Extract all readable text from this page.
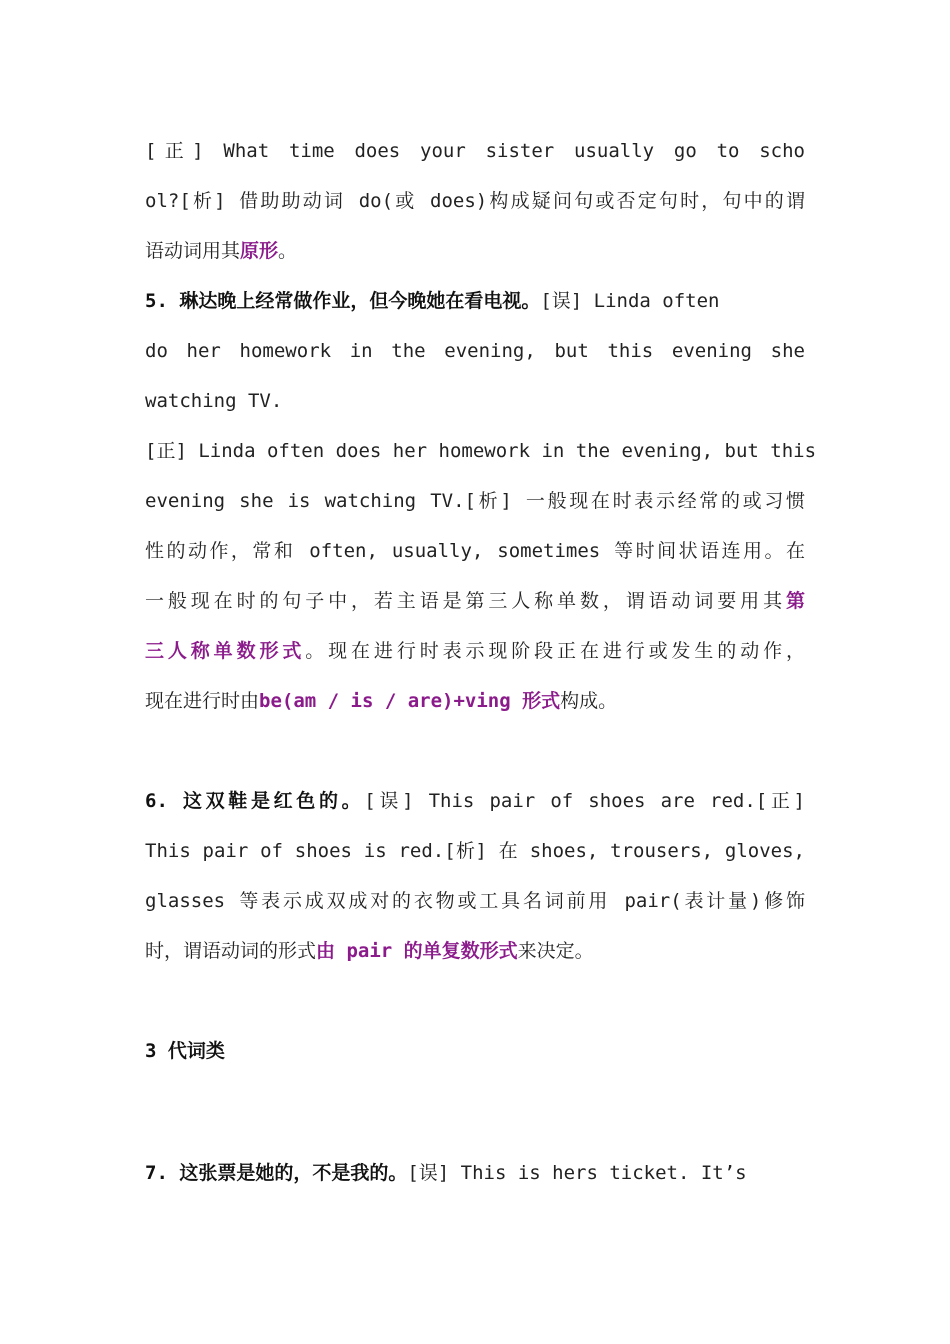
[正] What time does your sister usually go to scho
ol?[析] 借助助动词 do(或 does)构成疑问句或否定句时，句中的谓
语动词用其原形。
5. 琳达晚上经常做作业，但今晚她在看电视。[误] Linda often
do her homework in the evening, but this evening she
watching TV.
[正] Linda often does her homework in the evening, but this
evening she is watching TV.[析] 一般现在时表示经常的或习惯
性的动作，常和 often, usually, sometimes 等时间状语连用。在
一般现在时的句子中，若主语是第三人称单数，谓语动词要用其第
三人称单数形式。现在进行时表示现阶段正在进行或发生的动作，
现在进行时由be(am / is / are)+ving 形式构成。
6. 这双鞋是红色的。[误] This pair of shoes are red.[正]
This pair of shoes is red.[析] 在 shoes, trousers, gloves,
glasses 等表示成双成对的衣物或工具名词前用 pair(表计量)修饰
时，谓语动词的形式由 pair 的单复数形式来决定。
3 代词类
7. 这张票是她的，不是我的。[误] This is hers ticket. It’s
